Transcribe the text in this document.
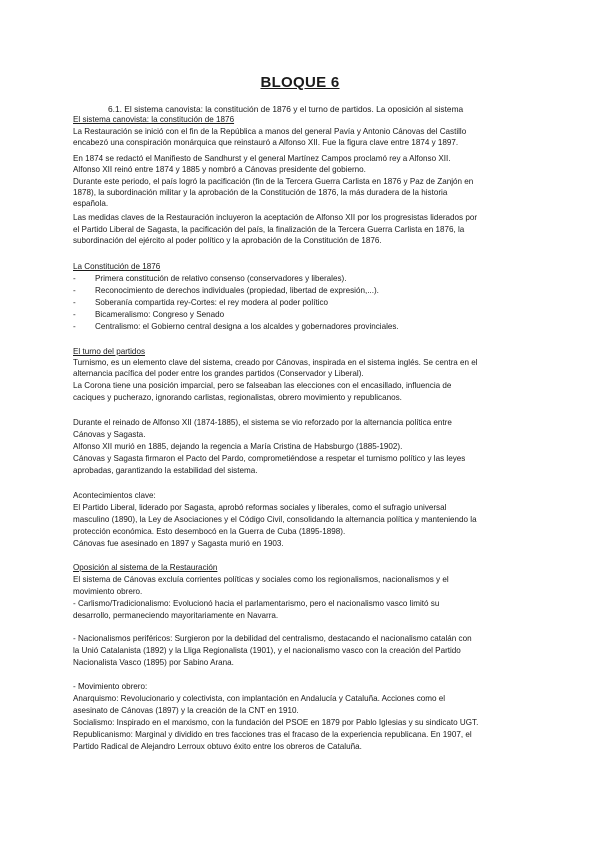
BLOQUE 6
6.1. El sistema canovista: la constitución de 1876 y el turno de partidos. La oposición al sistema
El sistema canovista: la constitución de 1876
La Restauración se inició con el fin de la República a manos del general Pavía y Antonio Cánovas del Castillo
encabezó una conspiración monárquica que reinstauró a Alfonso XII. Fue la figura clave entre 1874 y 1897.
En 1874 se redactó el Manifiesto de Sandhurst y el general Martínez Campos proclamó rey a Alfonso XII.
Alfonso XII reinó entre 1874 y 1885 y nombró a Cánovas presidente del gobierno.
Durante este periodo, el país logró la pacificación (fin de la Tercera Guerra Carlista en 1876 y Paz de Zanjón en
1878), la subordinación militar y la aprobación de la Constitución de 1876, la más duradera de la historia
española.
Las medidas claves de la Restauración incluyeron la aceptación de Alfonso XII por los progresistas liderados por
el Partido Liberal de Sagasta, la pacificación del país, la finalización de la Tercera Guerra Carlista en 1876, la
subordinación del ejército al poder político y la aprobación de la Constitución de 1876.
La Constitución de 1876
- Primera constitución de relativo consenso (conservadores y liberales).
- Reconocimiento de derechos individuales (propiedad, libertad de expresión,...).
- Soberanía compartida rey-Cortes: el rey modera al poder político
- Bicameralismo: Congreso y Senado
- Centralismo: el Gobierno central designa a los alcaldes y gobernadores provinciales.
El turno del partidos
Turnismo, es un elemento clave del sistema, creado por Cánovas, inspirada en el sistema inglés. Se centra en el
alternancia pacífica del poder entre los grandes partidos (Conservador y Liberal).
La Corona tiene una posición imparcial, pero se falseaban las elecciones con el encasillado, influencia de
caciques y pucherazo, ignorando carlistas, regionalistas, obrero movimiento y republicanos.
Durante el reinado de Alfonso XII (1874-1885), el sistema se vio reforzado por la alternancia política entre
Cánovas y Sagasta.
Alfonso XII murió en 1885, dejando la regencia a María Cristina de Habsburgo (1885-1902).
Cánovas y Sagasta firmaron el Pacto del Pardo, comprometiéndose a respetar el turnismo político y las leyes
aprobadas, garantizando la estabilidad del sistema.
Acontecimientos clave:
El Partido Liberal, liderado por Sagasta, aprobó reformas sociales y liberales, como el sufragio universal
masculino (1890), la Ley de Asociaciones y el Código Civil, consolidando la alternancia política y manteniendo la
protección económica. Esto desembocó en la Guerra de Cuba (1895-1898).
Cánovas fue asesinado en 1897 y Sagasta murió en 1903.
Oposición al sistema de la Restauración
El sistema de Cánovas excluía corrientes políticas y sociales como los regionalismos, nacionalismos y el
movimiento obrero.
- Carlismo/Tradicionalismo: Evolucionó hacia el parlamentarismo, pero el nacionalismo vasco limitó su
desarrollo, permaneciendo mayoritariamente en Navarra.
- Nacionalismos periféricos: Surgieron por la debilidad del centralismo, destacando el nacionalismo catalán con
la Unió Catalanista (1892) y la Lliga Regionalista (1901), y el nacionalismo vasco con la creación del Partido
Nacionalista Vasco (1895) por Sabino Arana.
- Movimiento obrero:
Anarquismo: Revolucionario y colectivista, con implantación en Andalucía y Cataluña. Acciones como el
asesinato de Cánovas (1897) y la creación de la CNT en 1910.
Socialismo: Inspirado en el marxismo, con la fundación del PSOE en 1879 por Pablo Iglesias y su sindicato UGT.
Republicanismo: Marginal y dividido en tres facciones tras el fracaso de la experiencia republicana. En 1907, el
Partido Radical de Alejandro Lerroux obtuvo éxito entre los obreros de Cataluña.
